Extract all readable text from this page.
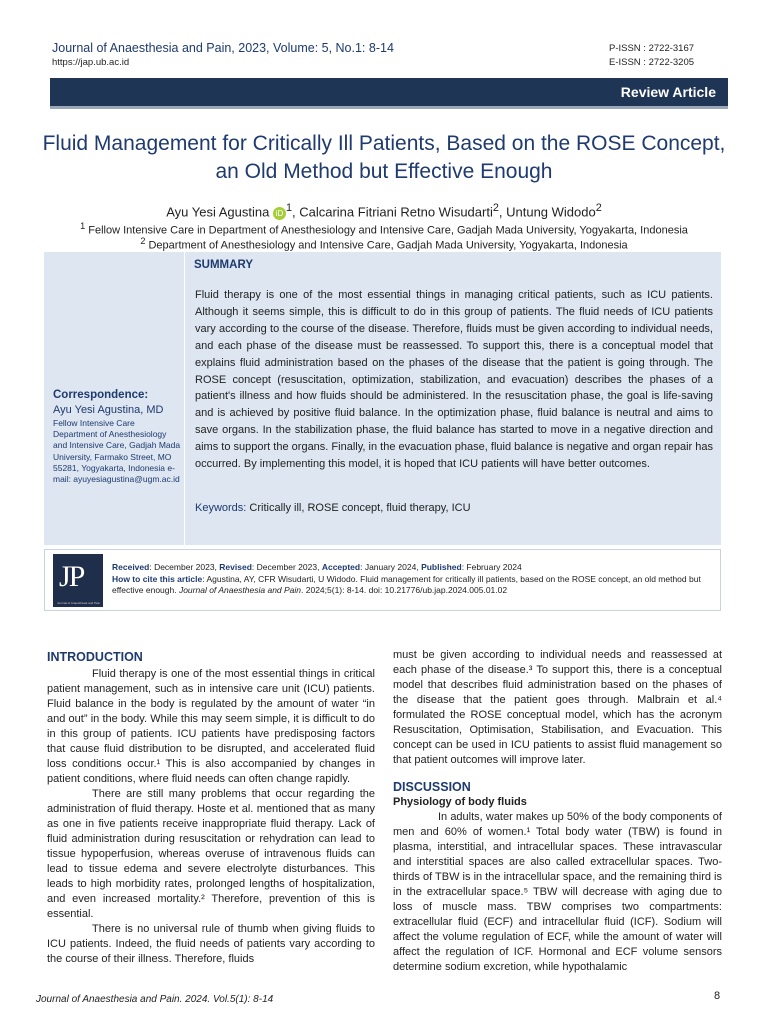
Journal of Anaesthesia and Pain, 2023, Volume: 5, No.1: 8-14
https://jap.ub.ac.id
P-ISSN : 2722-3167
E-ISSN : 2722-3205
Review Article
Fluid Management for Critically Ill Patients, Based on the ROSE Concept, an Old Method but Effective Enough
Ayu Yesi Agustina iD $^1$, Calcarina Fitriani Retno Wisudarti$^2$, Untung Widodo$^2$
$^1$ Fellow Intensive Care in Department of Anesthesiology and Intensive Care, Gadjah Mada University, Yogyakarta, Indonesia
$^2$ Department of Anesthesiology and Intensive Care, Gadjah Mada University, Yogyakarta, Indonesia
SUMMARY
Fluid therapy is one of the most essential things in managing critical patients, such as ICU patients. Although it seems simple, this is difficult to do in this group of patients. The fluid needs of ICU patients vary according to the course of the disease. Therefore, fluids must be given according to individual needs, and each phase of the disease must be reassessed. To support this, there is a conceptual model that explains fluid administration based on the phases of the disease that the patient is going through. The ROSE concept (resuscitation, optimization, stabilization, and evacuation) describes the phases of a patient's illness and how fluids should be administered. In the resuscitation phase, the goal is life-saving and is achieved by positive fluid balance. In the optimization phase, fluid balance is neutral and aims to save organs. In the stabilization phase, the fluid balance has started to move in a negative direction and aims to support the organs. Finally, in the evacuation phase, fluid balance is negative and organ repair has occurred. By implementing this model, it is hoped that ICU patients will have better outcomes.
Keywords: Critically ill, ROSE concept, fluid therapy, ICU
Correspondence:
Ayu Yesi Agustina, MD
Fellow Intensive Care Department of Anesthesiology and Intensive Care, Gadjah Mada University, Farmako Street, MO 55281, Yogyakarta, Indonesia e-mail: ayuyesiagustina@ugm.ac.id
JP
Journal of Anaesthesia and Pain
Received: December 2023, Revised: December 2023, Accepted: January 2024, Published: February 2024
How to cite this article: Agustina, AY, CFR Wisudarti, U Widodo. Fluid management for critically ill patients, based on the ROSE concept, an old method but effective enough. Journal of Anaesthesia and Pain. 2024;5(1): 8-14. doi: 10.21776/ub.jap.2024.005.01.02
INTRODUCTION

Fluid therapy is one of the most essential things in critical patient management, such as in intensive care unit (ICU) patients. Fluid balance in the body is regulated by the amount of water “in and out” in the body. While this may seem simple, it is difficult to do in this group of patients. ICU patients have predisposing factors that cause fluid distribution to be disrupted, and accelerated fluid loss conditions occur.¹ This is also accompanied by changes in patient conditions, where fluid needs can often change rapidly.

There are still many problems that occur regarding the administration of fluid therapy. Hoste et al. mentioned that as many as one in five patients receive inappropriate fluid therapy. Lack of fluid administration during resuscitation or rehydration can lead to tissue hypoperfusion, whereas overuse of intravenous fluids can lead to tissue edema and severe electrolyte disturbances. This leads to high morbidity rates, prolonged lengths of hospitalization, and even increased mortality.² Therefore, prevention of this is essential.

There is no universal rule of thumb when giving fluids to ICU patients. Indeed, the fluid needs of patients vary according to the course of their illness. Therefore, fluids

must be given according to individual needs and reassessed at each phase of the disease.³ To support this, there is a conceptual model that describes fluid administration based on the phases of the disease that the patient goes through. Malbrain et al.⁴ formulated the ROSE conceptual model, which has the acronym Resuscitation, Optimisation, Stabilisation, and Evacuation. This concept can be used in ICU patients to assist fluid management so that patient outcomes will improve later.

DISCUSSION
Physiology of body fluids

In adults, water makes up 50% of the body components of men and 60% of women.¹ Total body water (TBW) is found in plasma, interstitial, and intracellular spaces. These intravascular and interstitial spaces are also called extracellular spaces. Two-thirds of TBW is in the intracellular space, and the remaining third is in the extracellular space.⁵ TBW will decrease with aging due to loss of muscle mass. TBW comprises two compartments: extracellular fluid (ECF) and intracellular fluid (ICF). Sodium will affect the volume regulation of ECF, while the amount of water will affect the regulation of ICF. Hormonal and ECF volume sensors determine sodium excretion, while hypothalamic

Journal of Anaesthesia and Pain. 2024. Vol.5(1): 8-14	8
